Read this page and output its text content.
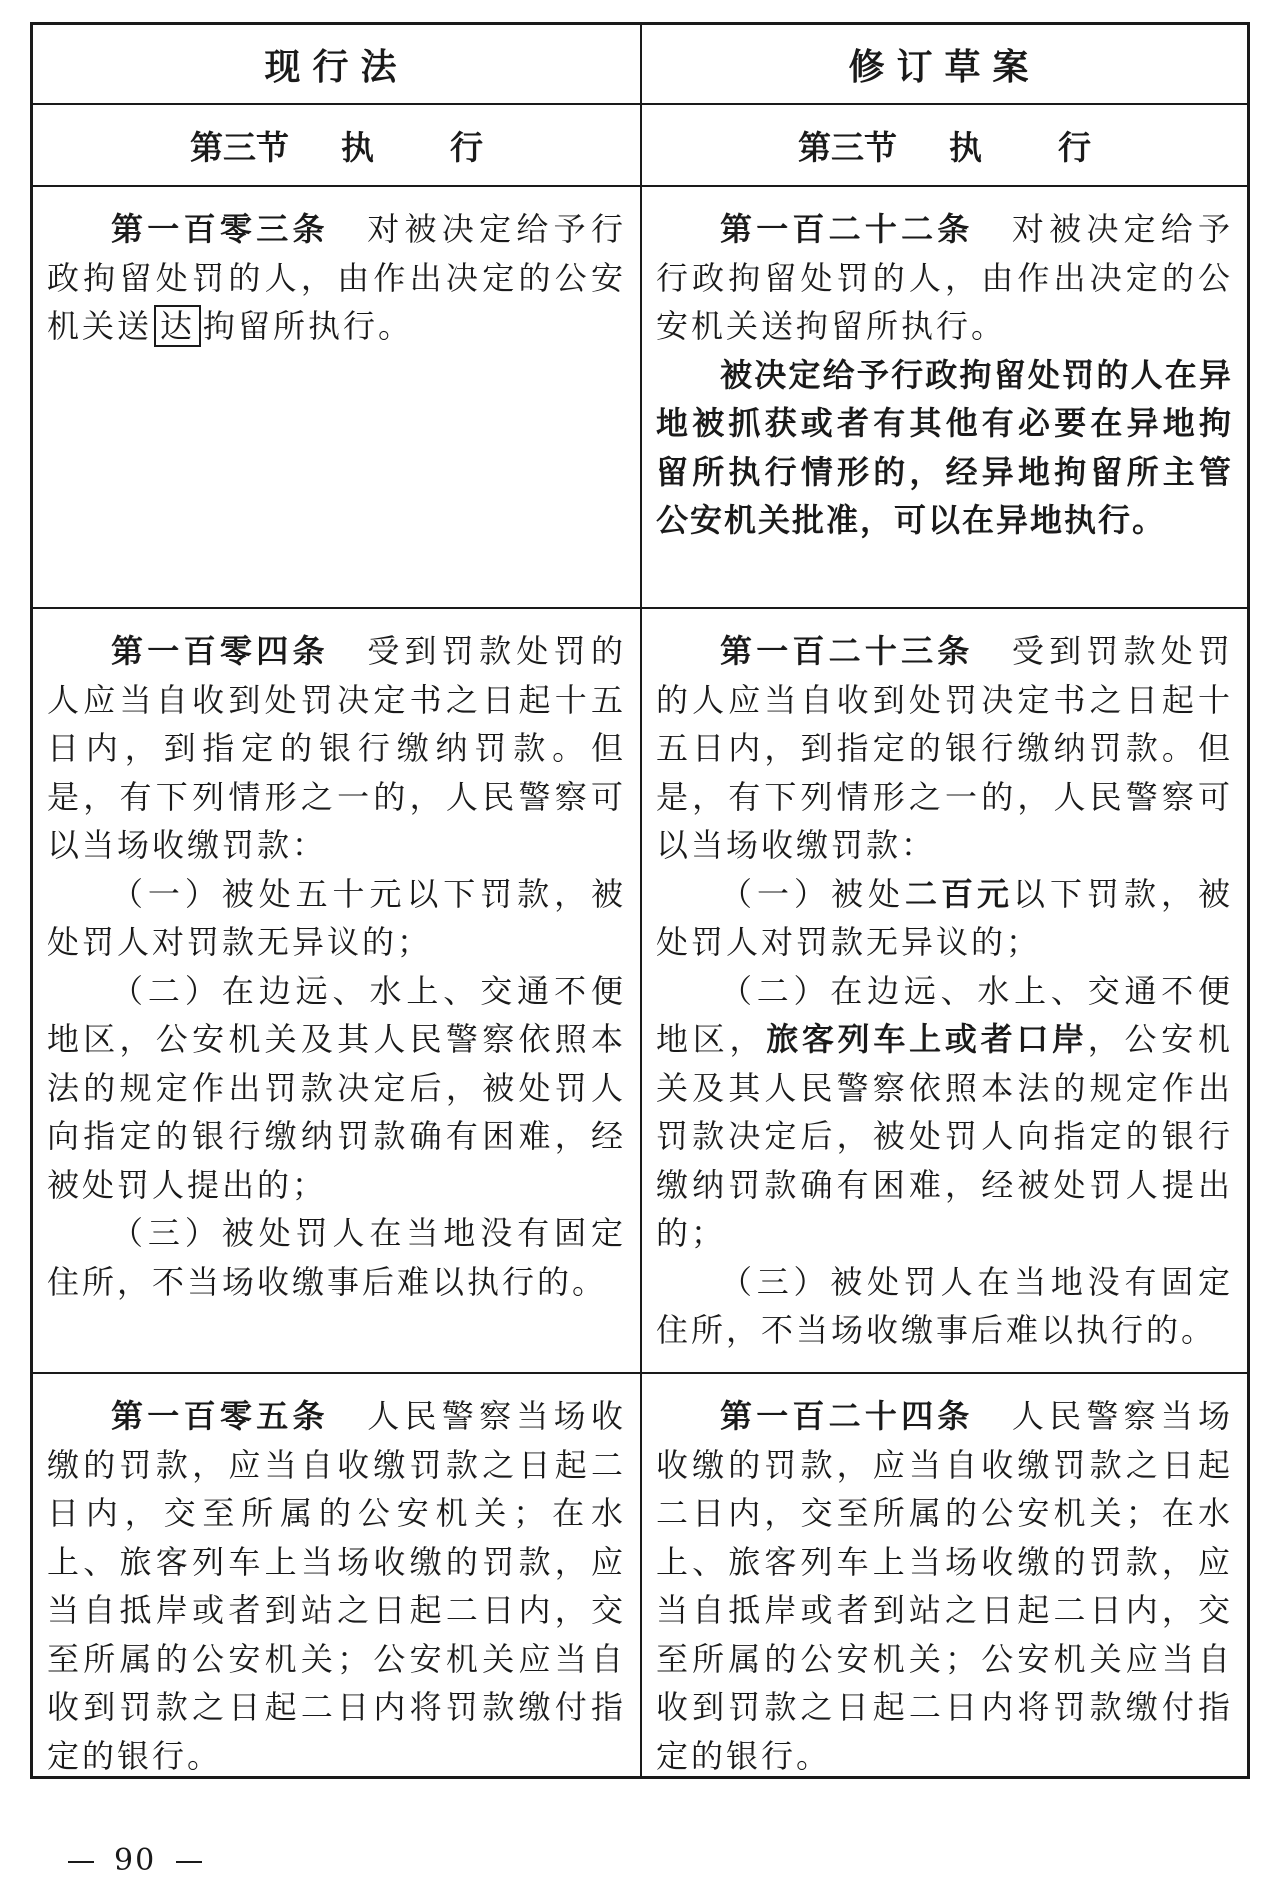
现行法	修订草案
第三节 执 行	第三节 执 行

第一百零三条 对被决定给予行政拘留处罚的人，由作出决定的公安机关送 达 拘留所执行。

第一百二十二条 对被决定给予行政拘留处罚的人，由作出决定的公安机关送拘留所执行。

被决定给予行政拘留处罚的人在异地被抓获或者有其他有必要在异地拘留所执行情形的，经异地拘留所主管公安机关批准，可以在异地执行。

第一百零四条 受到罚款处罚的人应当自收到处罚决定书之日起十五日内，到指定的银行缴纳罚款。但是，有下列情形之一的，人民警察可以当场收缴罚款：

（一）被处五十元以下罚款，被处罚人对罚款无异议的；

（二）在边远、水上、交通不便地区，公安机关及其人民警察依照本法的规定作出罚款决定后，被处罚人向指定的银行缴纳罚款确有困难，经被处罚人提出的；

（三）被处罚人在当地没有固定住所，不当场收缴事后难以执行的。

第一百二十三条 受到罚款处罚的人应当自收到处罚决定书之日起十五日内，到指定的银行缴纳罚款。但是，有下列情形之一的，人民警察可以当场收缴罚款：

（一）被处二百元以下罚款，被处罚人对罚款无异议的；

（二）在边远、水上、交通不便地区，旅客列车上或者口岸，公安机关及其人民警察依照本法的规定作出罚款决定后，被处罚人向指定的银行缴纳罚款确有困难，经被处罚人提出的；

（三）被处罚人在当地没有固定住所，不当场收缴事后难以执行的。

第一百零五条 人民警察当场收缴的罚款，应当自收缴罚款之日起二日内，交至所属的公安机关；在水上、旅客列车上当场收缴的罚款，应当自抵岸或者到站之日起二日内，交至所属的公安机关；公安机关应当自收到罚款之日起二日内将罚款缴付指定的银行。

第一百二十四条 人民警察当场收缴的罚款，应当自收缴罚款之日起二日内，交至所属的公安机关；在水上、旅客列车上当场收缴的罚款，应当自抵岸或者到站之日起二日内，交至所属的公安机关；公安机关应当自收到罚款之日起二日内将罚款缴付指定的银行。

90
